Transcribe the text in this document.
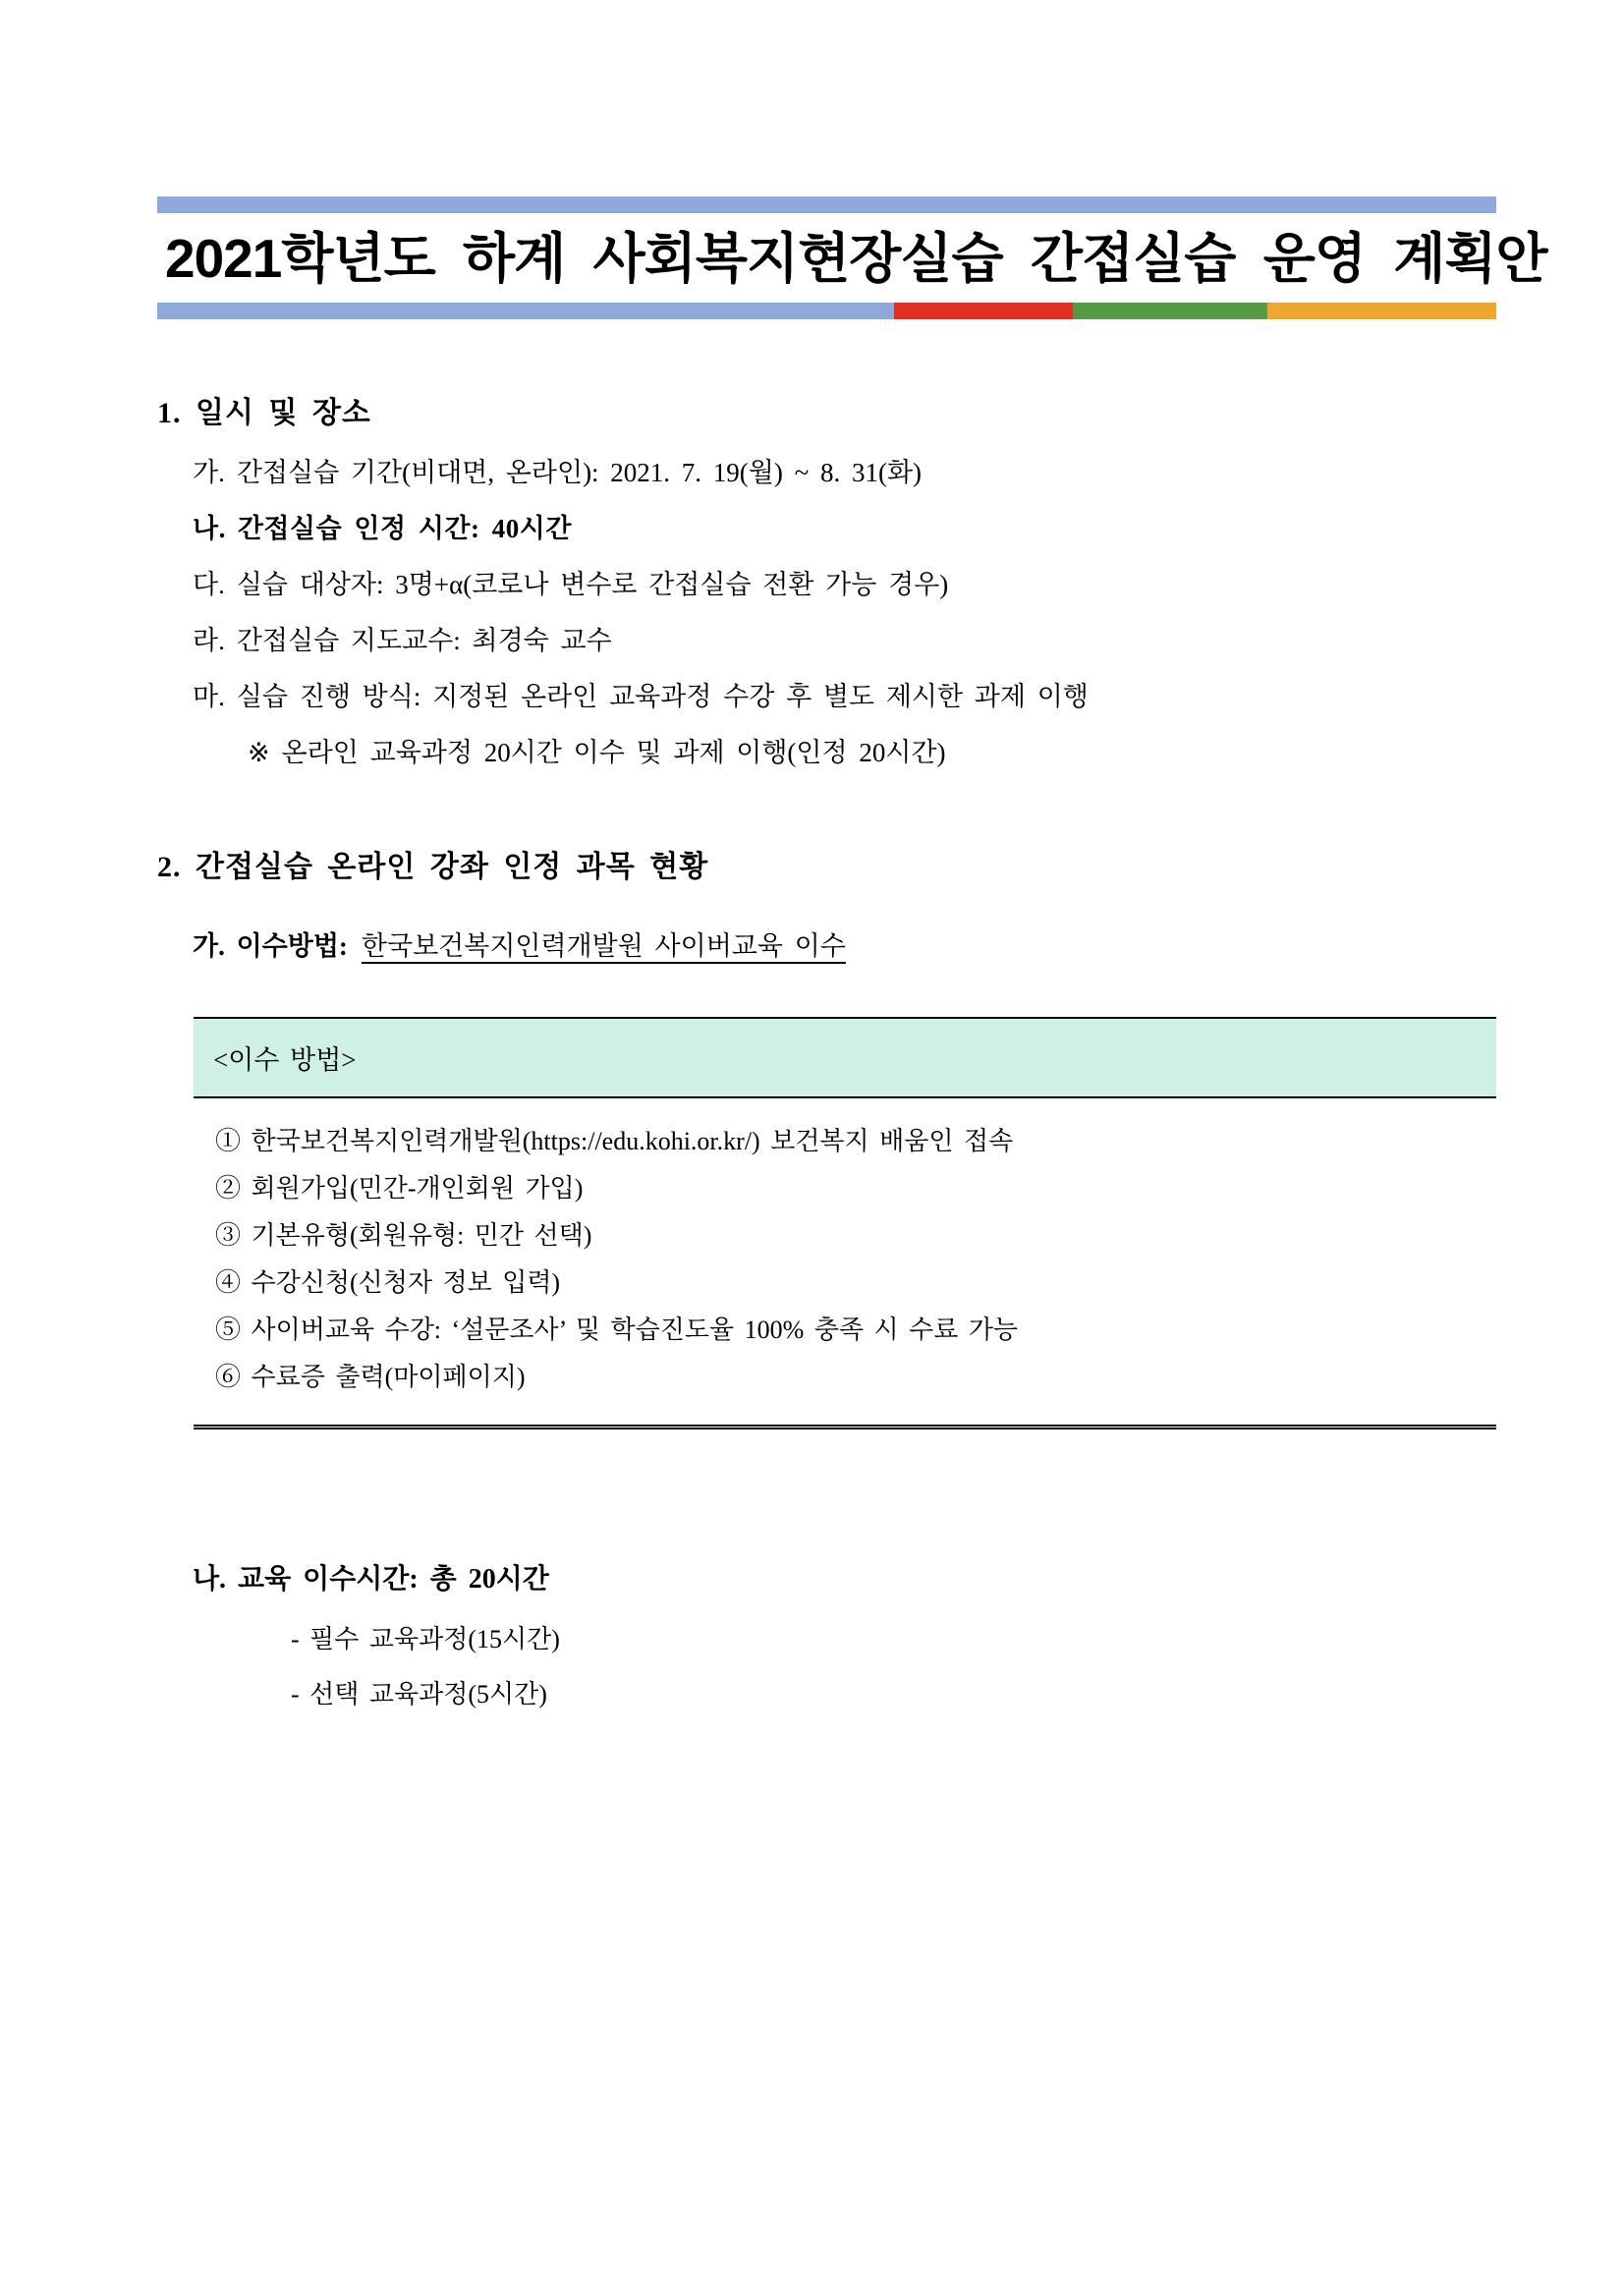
2021학년도 하계 사회복지현장실습 간접실습 운영 계획안
1. 일시 및 장소

가. 간접실습 기간(비대면, 온라인): 2021. 7. 19(월) ~ 8. 31(화)

나. 간접실습 인정 시간: 40시간

다. 실습 대상자: 3명+α(코로나 변수로 간접실습 전환 가능 경우)

라. 간접실습 지도교수: 최경숙 교수

마. 실습 진행 방식: 지정된 온라인 교육과정 수강 후 별도 제시한 과제 이행

※ 온라인 교육과정 20시간 이수 및 과제 이행(인정 20시간)

2. 간접실습 온라인 강좌 인정 과목 현황

가. 이수방법: 한국보건복지인력개발원 사이버교육 이수

<이수 방법>

① 한국보건복지인력개발원(https://edu.kohi.or.kr/) 보건복지 배움인 접속

② 회원가입(민간-개인회원 가입)

③ 기본유형(회원유형: 민간 선택)

④ 수강신청(신청자 정보 입력)

⑤ 사이버교육 수강: ‘설문조사’ 및 학습진도율 100% 충족 시 수료 가능

⑥ 수료증 출력(마이페이지)

나. 교육 이수시간: 총 20시간

- 필수 교육과정(15시간)

- 선택 교육과정(5시간)
